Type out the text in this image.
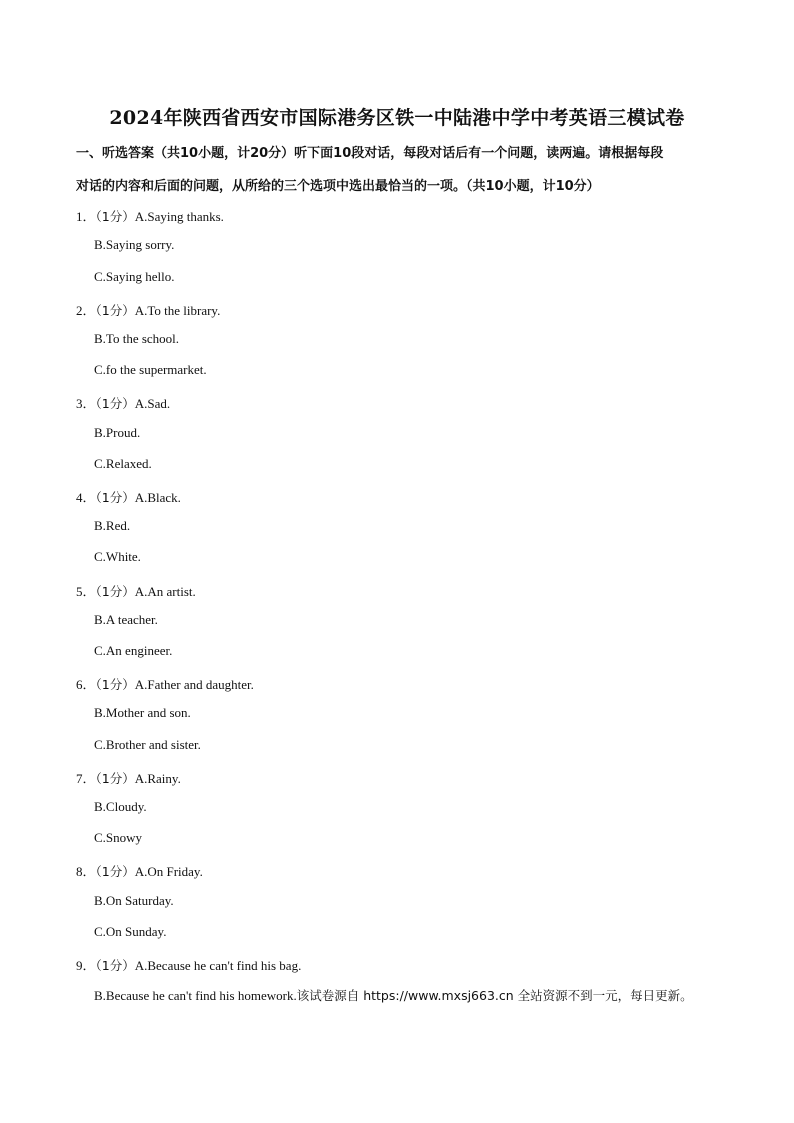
2024年陕西省西安市国际港务区铁一中陆港中学中考英语三模试卷
一、听选答案（共10小题，计20分）听下面10段对话，每段对话后有一个问题，读两遍。请根据每段
对话的内容和后面的问题，从所给的三个选项中选出最恰当的一项。（共10小题，计10分）
1．（1分）A.Saying thanks.
B.Saying sorry.
C.Saying hello.
2．（1分）A.To the library.
B.To the school.
C.fo the supermarket.
3．（1分）A.Sad.
B.Proud.
C.Relaxed.
4．（1分）A.Black.
B.Red.
C.White.
5．（1分）A.An artist.
B.A teacher.
C.An engineer.
6．（1分）A.Father and daughter.
B.Mother and son.
C.Brother and sister.
7．（1分）A.Rainy.
B.Cloudy.
C.Snowy
8．（1分）A.On Friday.
B.On Saturday.
C.On Sunday.
9．（1分）A.Because he can't find his bag.
B.Because he can't find his homework.该试卷源自 https://www.mxsj663.cn 全站资源不到一元，每日更新。
